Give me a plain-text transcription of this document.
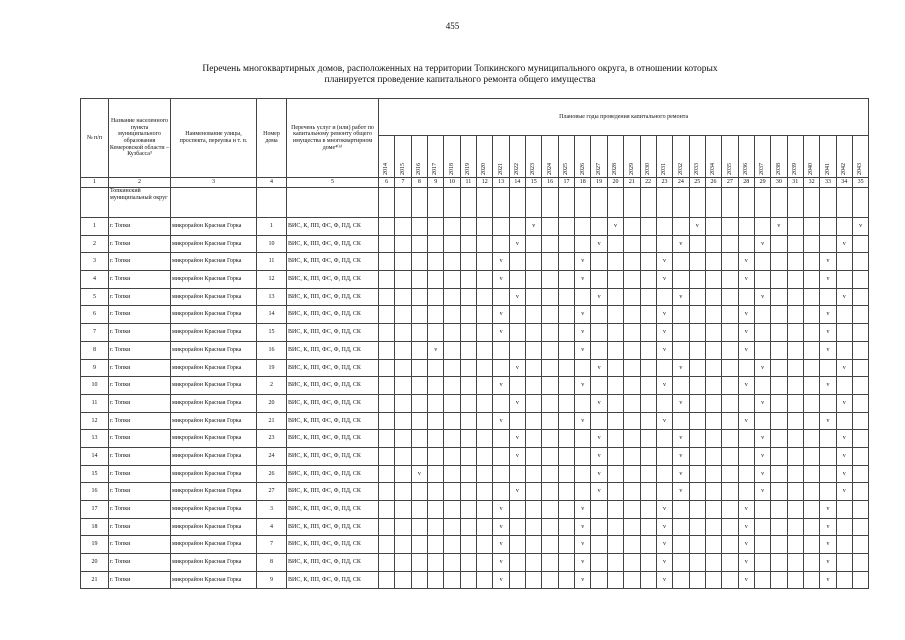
455
Перечень многоквартирных домов, расположенных на территории Топкинского муниципального округа, в отношении которых
планируется проведение капитального ремонта общего имущества
№ п/п	Название населенного пункта муниципального образования Кемеровской области – Кузбасса³	Наименование улицы, проспекта, переулка и т. п.	Номер дома	Перечень услуг и (или) работ по капитальному ремонту общего имущества в многоквартирном доме⁴⁽⁵⁾	Плановые годы проведения капитального ремонта																													

					2014	2015	2016	2017	2018	2019	2020	2021	2022	2023	2024	2025	2026	2027	2028	2029	2030	2031	2032	2033	2034	2035	2036	2037	2038	2039	2040	2041	2042	2043

1	2	3	4	5	6	7	8	9	10	11	12	13	14	15	16	17	18	19	20	21	22	23	24	25	26	27	28	29	30	31	32	33	34	35
	Топкинский муниципальный округ																																	
1	г. Топки	микрорайон Красная Горка	1	ВИС, К, ПП, ФС, Ф, ПД, СК										v					v					v					v					v
2	г. Топки	микрорайон Красная Горка	10	ВИС, К, ПП, ФС, Ф, ПД, СК									v					v					v					v					v	
3	г. Топки	микрорайон Красная Горка	11	ВИС, К, ПП, ФС, Ф, ПД, СК								v					v					v					v					v		
4	г. Топки	микрорайон Красная Горка	12	ВИС, К, ПП, ФС, Ф, ПД, СК								v					v					v					v					v		
5	г. Топки	микрорайон Красная Горка	13	ВИС, К, ПП, ФС, Ф, ПД, СК									v					v					v					v					v	
6	г. Топки	микрорайон Красная Горка	14	ВИС, К, ПП, ФС, Ф, ПД, СК								v					v					v					v					v		
7	г. Топки	микрорайон Красная Горка	15	ВИС, К, ПП, ФС, Ф, ПД, СК								v					v					v					v					v		
8	г. Топки	микрорайон Красная Горка	16	ВИС, К, ПП, ФС, Ф, ПД, СК				v									v					v					v					v		
9	г. Топки	микрорайон Красная Горка	19	ВИС, К, ПП, ФС, Ф, ПД, СК									v					v					v					v					v	
10	г. Топки	микрорайон Красная Горка	2	ВИС, К, ПП, ФС, Ф, ПД, СК								v					v					v					v					v		
11	г. Топки	микрорайон Красная Горка	20	ВИС, К, ПП, ФС, Ф, ПД, СК									v					v					v					v					v	
12	г. Топки	микрорайон Красная Горка	21	ВИС, К, ПП, ФС, Ф, ПД, СК								v					v					v					v					v		
13	г. Топки	микрорайон Красная Горка	23	ВИС, К, ПП, ФС, Ф, ПД, СК									v					v					v					v					v	
14	г. Топки	микрорайон Красная Горка	24	ВИС, К, ПП, ФС, Ф, ПД, СК									v					v					v					v					v	
15	г. Топки	микрорайон Красная Горка	26	ВИС, К, ПП, ФС, Ф, ПД, СК			v											v					v					v					v	
16	г. Топки	микрорайон Красная Горка	27	ВИС, К, ПП, ФС, Ф, ПД, СК									v					v					v					v					v	
17	г. Топки	микрорайон Красная Горка	3	ВИС, К, ПП, ФС, Ф, ПД, СК								v					v					v					v					v		
18	г. Топки	микрорайон Красная Горка	4	ВИС, К, ПП, ФС, Ф, ПД, СК								v					v					v					v					v		
19	г. Топки	микрорайон Красная Горка	7	ВИС, К, ПП, ФС, Ф, ПД, СК								v					v					v					v					v		
20	г. Топки	микрорайон Красная Горка	8	ВИС, К, ПП, ФС, Ф, ПД, СК								v					v					v					v					v		
21	г. Топки	микрорайон Красная Горка	9	ВИС, К, ПП, ФС, Ф, ПД, СК								v					v					v					v					v		
